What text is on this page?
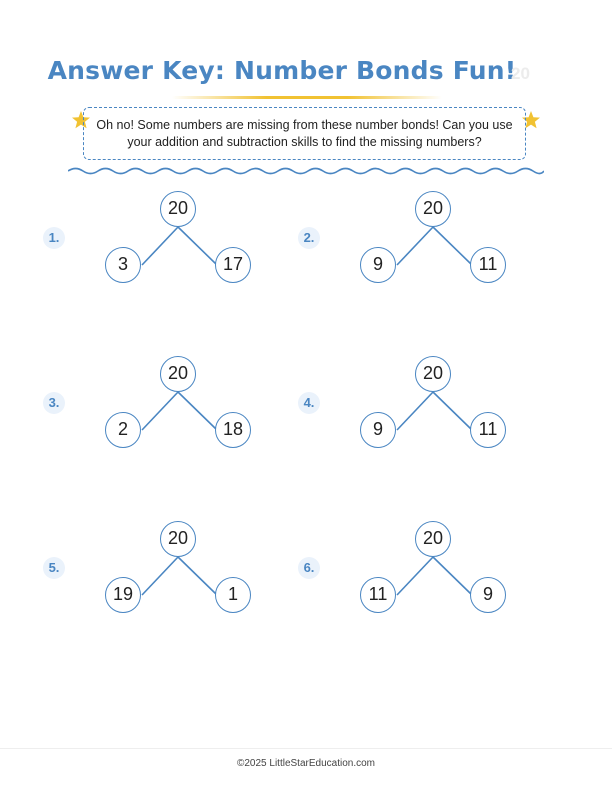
Answer Key: Number Bonds Fun!
20
Oh no! Some numbers are missing from these number bonds! Can you use your addition and subtraction skills to find the missing numbers?
1.
20
3	17
2.
20
9	11
3.
20
2	18
4.
20
9	11
5.
20
19	1
6.
20
11	9
©2025 LittleStarEducation.com
